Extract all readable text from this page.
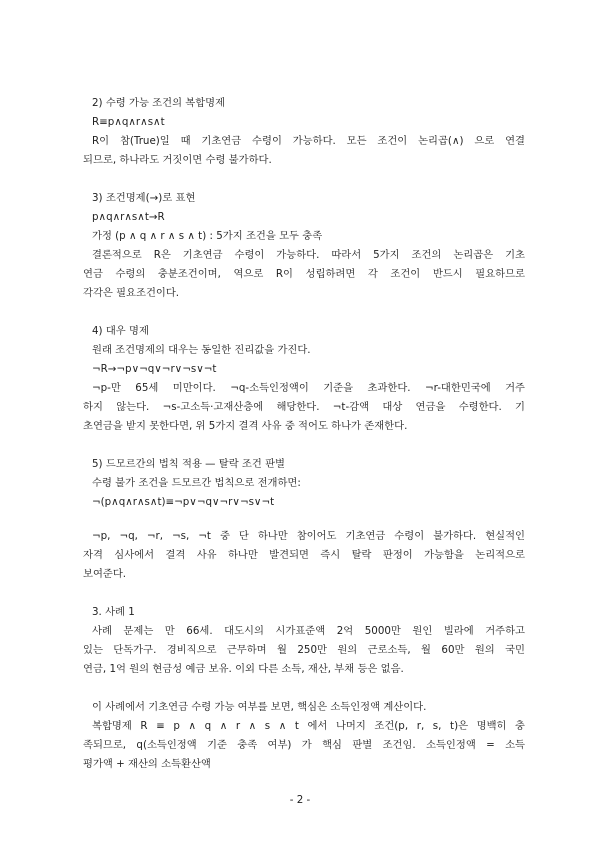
2) 수령 가능 조건의 복합명제
R≡p∧q∧r∧s∧t
R이 참(True)일 때 기초연금 수령이 가능하다. 모든 조건이 논리곱(∧) 으로 연결
되므로, 하나라도 거짓이면 수령 불가하다.
3) 조건명제(→)로 표현
p∧q∧r∧s∧t→R
가정 (p ∧ q ∧ r ∧ s ∧ t) : 5가지 조건을 모두 충족
결론적으로 R은 기초연금 수령이 가능하다. 따라서 5가지 조건의 논리곱은 기초
연금 수령의 충분조건이며, 역으로 R이 성립하려면 각 조건이 반드시 필요하므로
각각은 필요조건이다.
4) 대우 명제
원래 조건명제의 대우는 동일한 진리값을 가진다.
¬R→¬p∨¬q∨¬r∨¬s∨¬t
¬p-만 65세 미만이다. ¬q-소득인정액이 기준을 초과한다. ¬r-대한민국에 거주
하지 않는다. ¬s-고소득·고재산층에 해당한다. ¬t-감액 대상 연금을 수령한다. 기
초연금을 받지 못한다면, 위 5가지 결격 사유 중 적어도 하나가 존재한다.
5) 드모르간의 법칙 적용 — 탈락 조건 판별
수령 불가 조건을 드모르간 법칙으로 전개하면:
¬(p∧q∧r∧s∧t)≡¬p∨¬q∨¬r∨¬s∨¬t
¬p, ¬q, ¬r, ¬s, ¬t 중 단 하나만 참이어도 기초연금 수령이 불가하다. 현실적인
자격 심사에서 결격 사유 하나만 발견되면 즉시 탈락 판정이 가능함을 논리적으로
보여준다.
3. 사례 1
사례 문제는 만 66세. 대도시의 시가표준액 2억 5000만 원인 빌라에 거주하고
있는 단독가구. 경비직으로 근무하며 월 250만 원의 근로소득, 월 60만 원의 국민
연금, 1억 원의 현금성 예금 보유. 이외 다른 소득, 재산, 부채 등은 없음.
이 사례에서 기초연금 수령 가능 여부를 보면, 핵심은 소득인정액 계산이다.
복합명제 R ≡ p ∧ q ∧ r ∧ s ∧ t 에서 나머지 조건(p, r, s, t)은 명백히 충
족되므로, q(소득인정액 기준 충족 여부) 가 핵심 판별 조건임. 소득인정액 = 소득
평가액 + 재산의 소득환산액
- 2 -
